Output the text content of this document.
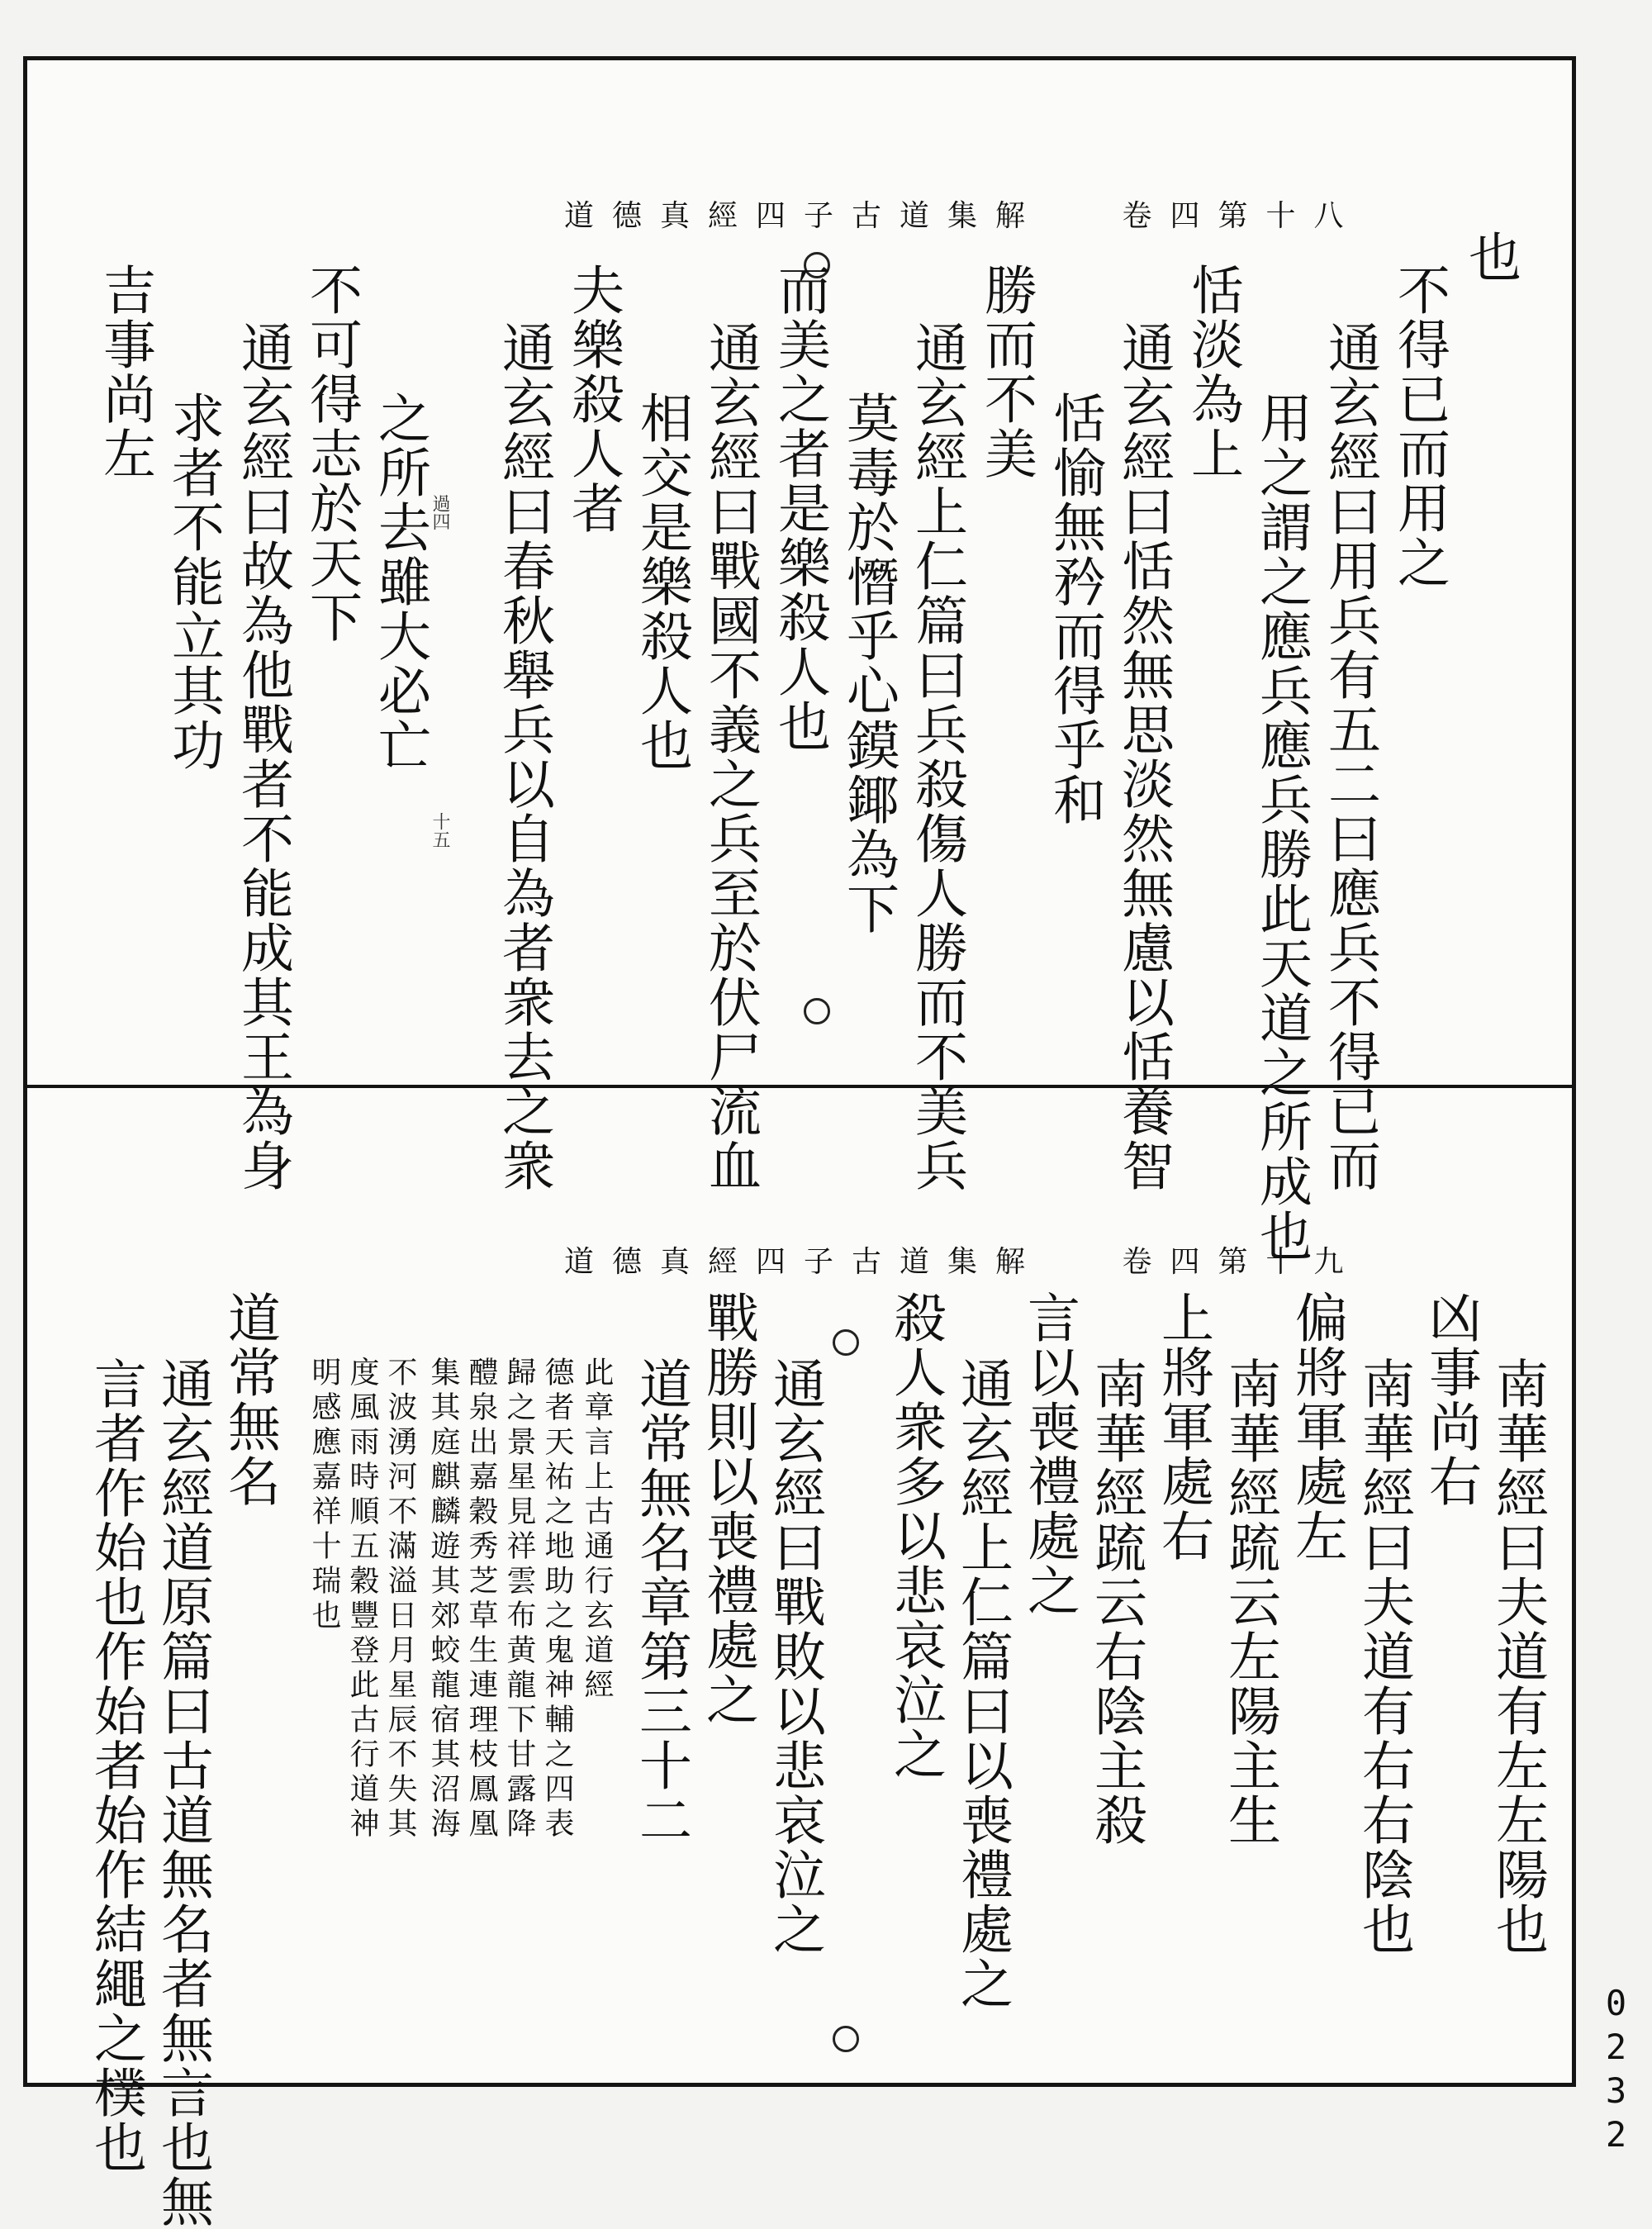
道德真經四子古道集解	卷四第十八
也
不得已而用之
通玄經曰用兵有五二曰應兵不得已而
用之謂之應兵應兵勝此天道之所成也
恬淡為上
通玄經曰恬然無思淡然無慮以恬養智
恬愉無矜而得乎和
勝而不美
通玄經上仁篇曰兵殺傷人勝而不美兵
莫毒於憯乎心鏌鎁為下
而美之者是樂殺人也
通玄經曰戰國不義之兵至於伏尸流血
相交是樂殺人也
夫樂殺人者
通玄經曰春秋舉兵以自為者衆去之衆
過四
十五
之所去雖大必亡
不可得志於天下
通玄經曰故為他戰者不能成其王為身
求者不能立其功
吉事尚左
道德真經四子古道集解	卷四第十九
南華經曰夫道有左左陽也
凶事尚右
南華經曰夫道有右右陰也
偏將軍處左
南華經䟽云左陽主生
上將軍處右
南華經䟽云右陰主殺
言以喪禮處之
通玄經上仁篇曰以喪禮處之
殺人衆多以悲哀泣之
通玄經曰戰敗以悲哀泣之
戰勝則以喪禮處之
道常無名章第三十二
此章言上古通行玄道經
德者天祐之地助之鬼神輔之四表
歸之景星見祥雲布黄龍下甘露降
醴泉出嘉穀秀芝草生連理枝鳳凰
集其庭麒麟遊其郊蛟龍宿其沼海
不波湧河不滿溢日月星辰不失其
度風雨時順五穀豐登此古行道神
明感應嘉祥十瑞也
道常無名
通玄經道原篇曰古道無名者無言也無
言者作始也作始者始作結繩之樸也	0232
